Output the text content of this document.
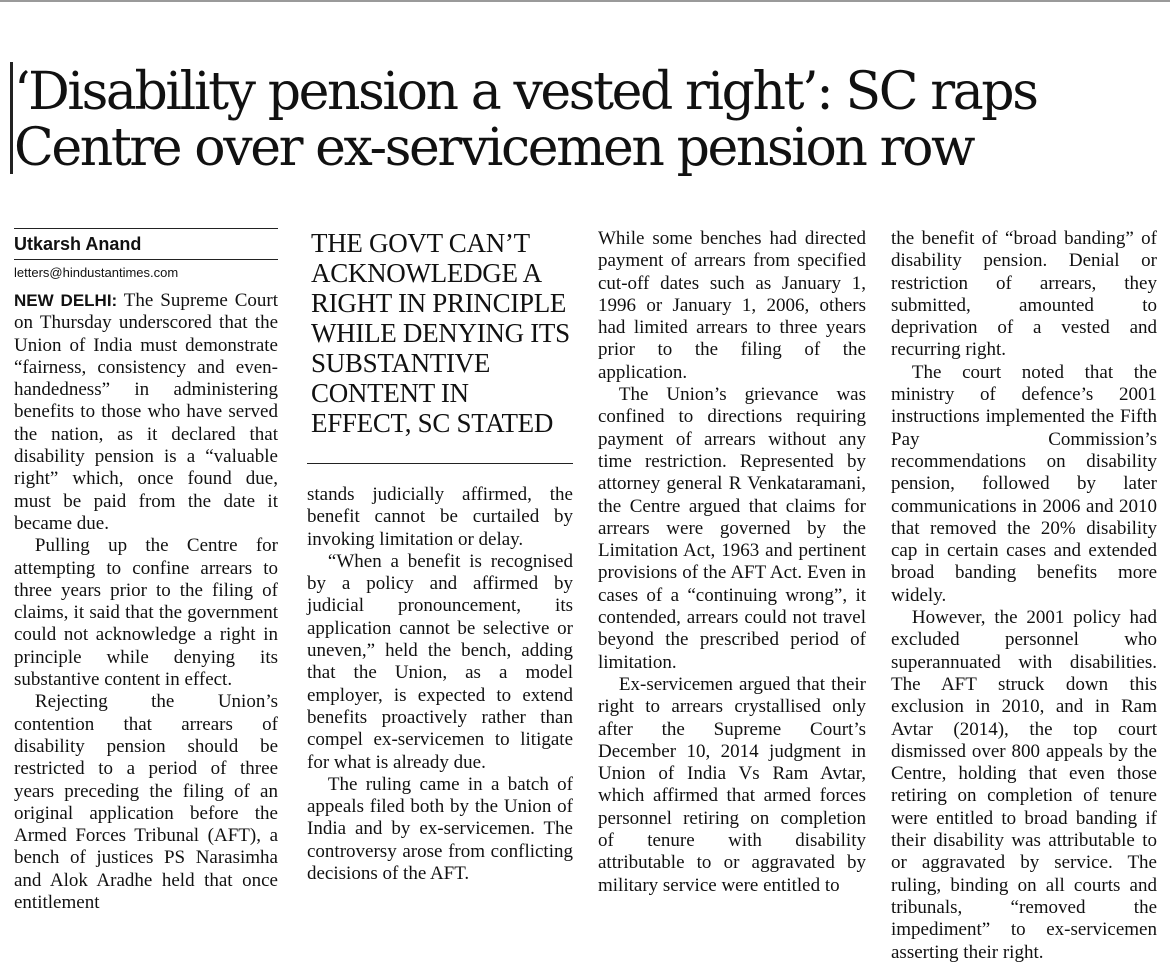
‘Disability pension a vested right’: SC raps
Centre over ex-servicemen pension row
Utkarsh Anand
letters@hindustantimes.com

NEW DELHI: The Supreme Court on Thursday underscored that the Union of India must demonstrate “fairness, consistency and even-handedness” in administering benefits to those who have served the nation, as it declared that disability pension is a “valuable right” which, once found due, must be paid from the date it became due.

Pulling up the Centre for attempting to confine arrears to three years prior to the filing of claims, it said that the government could not acknowledge a right in principle while denying its substantive content in effect.

Rejecting the Union’s contention that arrears of disability pension should be restricted to a period of three years preceding the filing of an original application before the Armed Forces Tribunal (AFT), a bench of justices PS Narasimha and Alok Aradhe held that once entitlement

THE GOVT CAN’T ACKNOWLEDGE A RIGHT IN PRINCIPLE WHILE DENYING ITS SUBSTANTIVE CONTENT IN EFFECT, SC STATED

stands judicially affirmed, the benefit cannot be curtailed by invoking limitation or delay.

“When a benefit is recognised by a policy and affirmed by judicial pronouncement, its application cannot be selective or uneven,” held the bench, adding that the Union, as a model employer, is expected to extend benefits proactively rather than compel ex-servicemen to litigate for what is already due.

The ruling came in a batch of appeals filed both by the Union of India and by ex-servicemen. The controversy arose from conflicting decisions of the AFT.

While some benches had directed payment of arrears from specified cut-off dates such as January 1, 1996 or January 1, 2006, others had limited arrears to three years prior to the filing of the application.

The Union’s grievance was confined to directions requiring payment of arrears without any time restriction. Represented by attorney general R Venkataramani, the Centre argued that claims for arrears were governed by the Limitation Act, 1963 and pertinent provisions of the AFT Act. Even in cases of a “continuing wrong”, it contended, arrears could not travel beyond the prescribed period of limitation.

Ex-servicemen argued that their right to arrears crystallised only after the Supreme Court’s December 10, 2014 judgment in Union of India Vs Ram Avtar, which affirmed that armed forces personnel retiring on completion of tenure with disability attributable to or aggravated by military service were entitled to

the benefit of “broad banding” of disability pension. Denial or restriction of arrears, they submitted, amounted to deprivation of a vested and recurring right.

The court noted that the ministry of defence’s 2001 instructions implemented the Fifth Pay Commission’s recommendations on disability pension, followed by later communications in 2006 and 2010 that removed the 20% disability cap in certain cases and extended broad banding benefits more widely.

However, the 2001 policy had excluded personnel who superannuated with disabilities. The AFT struck down this exclusion in 2010, and in Ram Avtar (2014), the top court dismissed over 800 appeals by the Centre, holding that even those retiring on completion of tenure were entitled to broad banding if their disability was attributable to or aggravated by service. The ruling, binding on all courts and tribunals, “removed the impediment” to ex-servicemen asserting their right.
